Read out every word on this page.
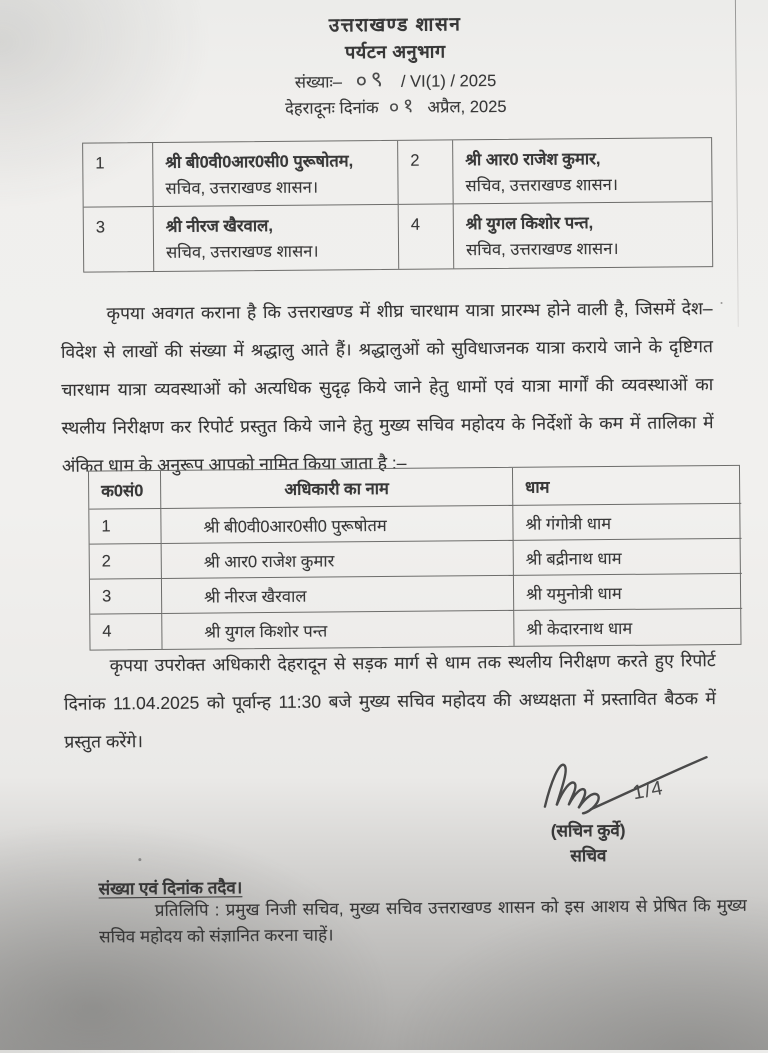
उत्तराखण्ड शासन
पर्यटन अनुभाग
संख्याः– ०९ / VI(1) / 2025
देहरादूनः दिनांक ०१ अप्रैल, 2025
1	श्री बी0वी0आर0सी0 पुरूषोतम,
सचिव, उत्तराखण्ड शासन।
2	श्री आर0 राजेश कुमार,
सचिव, उत्तराखण्ड शासन।
3	श्री नीरज खैरवाल,
सचिव, उत्तराखण्ड शासन।
4	श्री युगल किशोर पन्त,
सचिव, उत्तराखण्ड शासन।
कृपया अवगत कराना है कि उत्तराखण्ड में शीघ्र चारधाम यात्रा प्रारम्भ होने वाली है, जिसमें देश–विदेश से लाखों की संख्या में श्रद्धालु आते हैं। श्रद्धालुओं को सुविधाजनक यात्रा कराये जाने के दृष्टिगत चारधाम यात्रा व्यवस्थाओं को अत्यधिक सुदृढ़ किये जाने हेतु धामों एवं यात्रा मार्गों की व्यवस्थाओं का स्थलीय निरीक्षण कर रिपोर्ट प्रस्तुत किये जाने हेतु मुख्य सचिव महोदय के निर्देशों के कम में तालिका में अंकित धाम के अनुरूप आपको नामित किया जाता है :–
क0सं0	अधिकारी का नाम	धाम
1	श्री बी0वी0आर0सी0 पुरूषोतम	श्री गंगोत्री धाम
2	श्री आर0 राजेश कुमार	श्री बद्रीनाथ धाम
3	श्री नीरज खैरवाल	श्री यमुनोत्री धाम
4	श्री युगल किशोर पन्त	श्री केदारनाथ धाम
कृपया उपरोक्त अधिकारी देहरादून से सड़क मार्ग से धाम तक स्थलीय निरीक्षण करते हुए रिपोर्ट दिनांक 11.04.2025 को पूर्वान्ह 11:30 बजे मुख्य सचिव महोदय की अध्यक्षता में प्रस्तावित बैठक में प्रस्तुत करेंगे।
1/4
(सचिन कुर्वे)
सचिव
संख्या एवं दिनांक तदैव।
प्रतिलिपि : प्रमुख निजी सचिव, मुख्य सचिव उत्तराखण्ड शासन को इस आशय से प्रेषित कि मुख्य सचिव महोदय को संज्ञानित करना चाहें।
